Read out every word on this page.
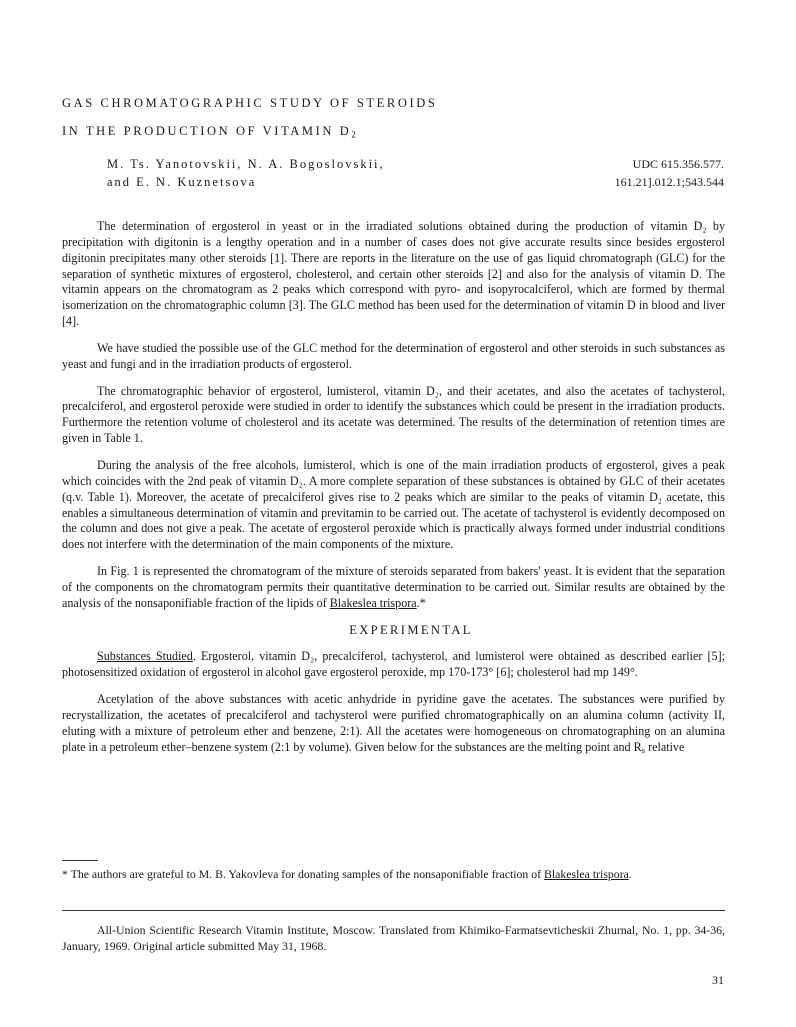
GAS CHROMATOGRAPHIC STUDY OF STEROIDS
IN THE PRODUCTION OF VITAMIN $D_2$
M. Ts. Yanotovskii, N. A. Bogoslovskii,
and E. N. Kuznetsova
UDC 615.356.577.
161.21].012.1;543.544

The determination of ergosterol in yeast or in the irradiated solutions obtained during the production of vitamin D₂ by precipitation with digitonin is a lengthy operation and in a number of cases does not give accurate results since besides ergosterol digitonin precipitates many other steroids [1]. There are reports in the literature on the use of gas liquid chromatograph (GLC) for the separation of synthetic mixtures of ergosterol, cholesterol, and certain other steroids [2] and also for the analysis of vitamin D. The vitamin appears on the chromatogram as 2 peaks which correspond with pyro- and isopyrocalciferol, which are formed by thermal isomerization on the chromatographic column [3]. The GLC method has been used for the determination of vitamin D in blood and liver [4].

We have studied the possible use of the GLC method for the determination of ergosterol and other steroids in such substances as yeast and fungi and in the irradiation products of ergosterol.

The chromatographic behavior of ergosterol, lumisterol, vitamin D₂, and their acetates, and also the acetates of tachysterol, precalciferol, and ergosterol peroxide were studied in order to identify the substances which could be present in the irradiation products. Furthermore the retention volume of cholesterol and its acetate was determined. The results of the determination of retention times are given in Table 1.

During the analysis of the free alcohols, lumisterol, which is one of the main irradiation products of ergosterol, gives a peak which coincides with the 2nd peak of vitamin D₂. A more complete separation of these substances is obtained by GLC of their acetates (q.v. Table 1). Moreover, the acetate of precalciferol gives rise to 2 peaks which are similar to the peaks of vitamin D₂ acetate, this enables a simultaneous determination of vitamin and previtamin to be carried out. The acetate of tachysterol is evidently decomposed on the column and does not give a peak. The acetate of ergosterol peroxide which is practically always formed under industrial conditions does not interfere with the determination of the main components of the mixture.

In Fig. 1 is represented the chromatogram of the mixture of steroids separated from bakers' yeast. It is evident that the separation of the components on the chromatogram permits their quantitative determination to be carried out. Similar results are obtained by the analysis of the nonsaponifiable fraction of the lipids of Blakeslea trispora.*

EXPERIMENTAL

Substances Studied. Ergosterol, vitamin D₂, precalciferol, tachysterol, and lumisterol were obtained as described earlier [5]; photosensitized oxidation of ergosterol in alcohol gave ergosterol peroxide, mp 170-173° [6]; cholesterol had mp 149°.

Acetylation of the above substances with acetic anhydride in pyridine gave the acetates. The substances were purified by recrystallization, the acetates of precalciferol and tachysterol were purified chromatographically on an alumina column (activity II, eluting with a mixture of petroleum ether and benzene, 2:1). All the acetates were homogeneous on chromatographing on an alumina plate in a petroleum ether–benzene system (2:1 by volume). Given below for the substances are the melting point and $R_s$ relative

* The authors are grateful to M. B. Yakovleva for donating samples of the nonsaponifiable fraction of Blakeslea trispora.
All-Union Scientific Research Vitamin Institute, Moscow. Translated from Khimiko-Farmatsevticheskii Zhurnal, No. 1, pp. 34-36, January, 1969. Original article submitted May 31, 1968.
31
